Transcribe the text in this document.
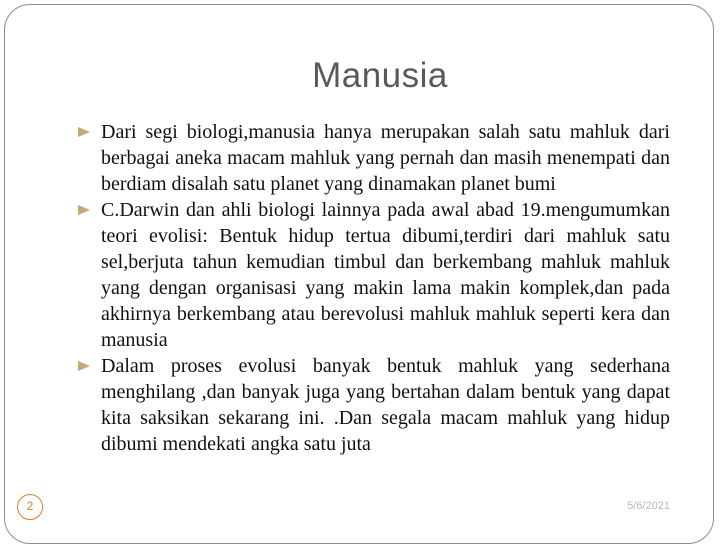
Manusia
Dari segi biologi,manusia hanya merupakan salah satu mahluk dari berbagai aneka macam mahluk yang pernah dan masih menempati dan berdiam disalah satu planet yang dinamakan planet bumi
C.Darwin dan ahli biologi lainnya pada awal abad 19.mengumumkan teori evolisi: Bentuk hidup tertua dibumi,terdiri dari mahluk satu sel,berjuta tahun kemudian timbul dan berkembang mahluk mahluk yang dengan organisasi yang makin lama makin komplek,dan pada akhirnya berkembang atau berevolusi mahluk mahluk seperti kera dan manusia
Dalam proses evolusi banyak bentuk mahluk yang sederhana menghilang ,dan banyak juga yang bertahan dalam bentuk yang dapat kita saksikan sekarang ini. .Dan segala macam mahluk yang hidup dibumi mendekati angka satu juta
2	5/6/2021
